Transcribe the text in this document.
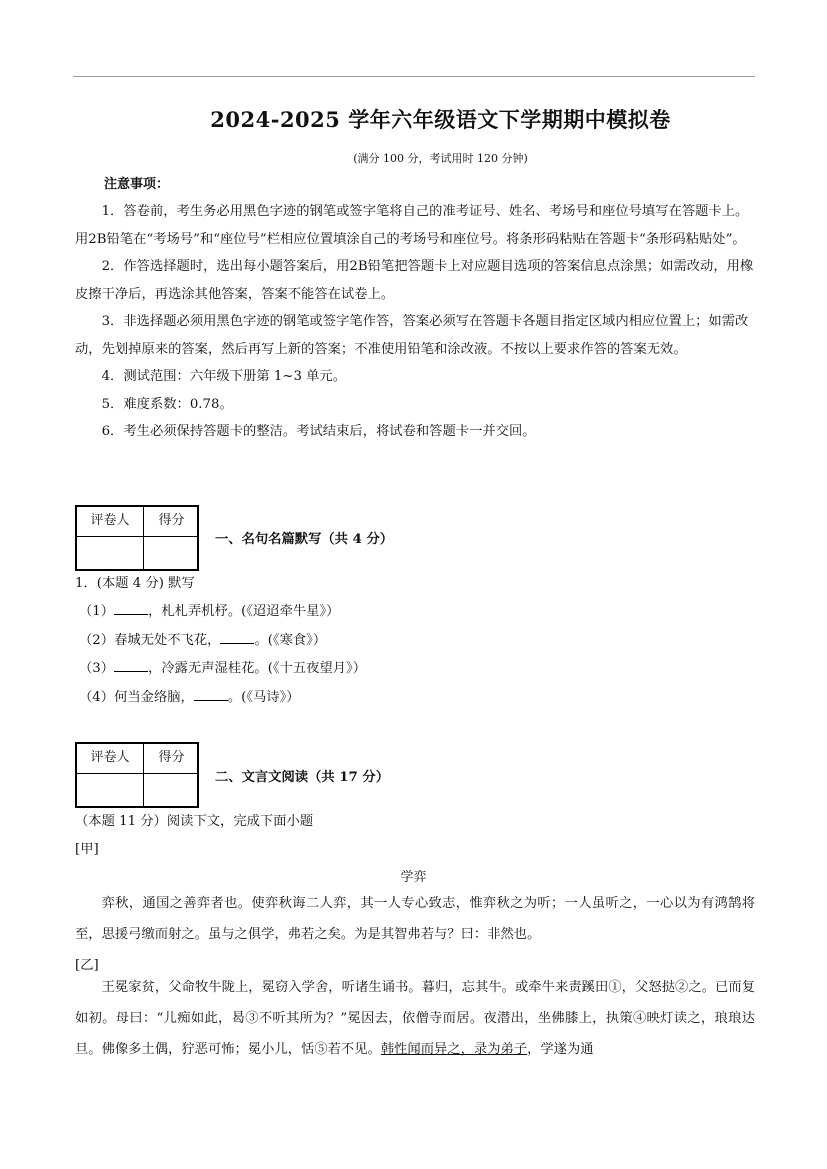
2024-2025 学年六年级语文下学期期中模拟卷
(满分 100 分，考试用时 120 分钟)
注意事项：

1．答卷前，考生务必用黑色字迹的钢笔或签字笔将自己的准考证号、姓名、考场号和座位号填写在答题卡上。用2B铅笔在“考场号”和“座位号”栏相应位置填涂自己的考场号和座位号。将条形码粘贴在答题卡“条形码粘贴处”。

2．作答选择题时，选出每小题答案后，用2B铅笔把答题卡上对应题目选项的答案信息点涂黑；如需改动，用橡皮擦干净后，再选涂其他答案，答案不能答在试卷上。

3．非选择题必须用黑色字迹的钢笔或签字笔作答，答案必须写在答题卡各题目指定区域内相应位置上；如需改动，先划掉原来的答案，然后再写上新的答案；不准使用铅笔和涂改液。不按以上要求作答的答案无效。

4．测试范围：六年级下册第 1~3 单元。

5．难度系数：0.78。

6．考生必须保持答题卡的整洁。考试结束后，将试卷和答题卡一并交回。

评卷人	得分
一、名句名篇默写（共 4 分）
1．(本题 4 分) 默写
（1）	，札札弄机杼。(《迢迢牵牛星》）
（2）春城无处不飞花，	。(《寒食》）
（3）	，冷露无声湿桂花。(《十五夜望月》）
（4）何当金络脑，	。(《马诗》）
评卷人	得分
二、文言文阅读（共 17 分）
（本题 11 分）阅读下文，完成下面小题
[甲]
学弈

弈秋，通国之善弈者也。使弈秋诲二人弈，其一人专心致志，惟弈秋之为听；一人虽听之，一心以为有鸿鹄将至，思援弓缴而射之。虽与之俱学，弗若之矣。为是其智弗若与？曰：非然也。

[乙]

王冕家贫，父命牧牛陇上，冕窃入学舍，听诸生诵书。暮归，忘其牛。或牵牛来责蹊田①，父怒挞②之。已而复如初。母曰：“儿痴如此，曷③不听其所为？”冕因去，依僧寺而居。夜潜出，坐佛膝上，执策④映灯读之，琅琅达旦。佛像多土偶，狞恶可怖；冕小儿，恬⑤若不见。韩性闻而异之，录为弟子，学遂为通
